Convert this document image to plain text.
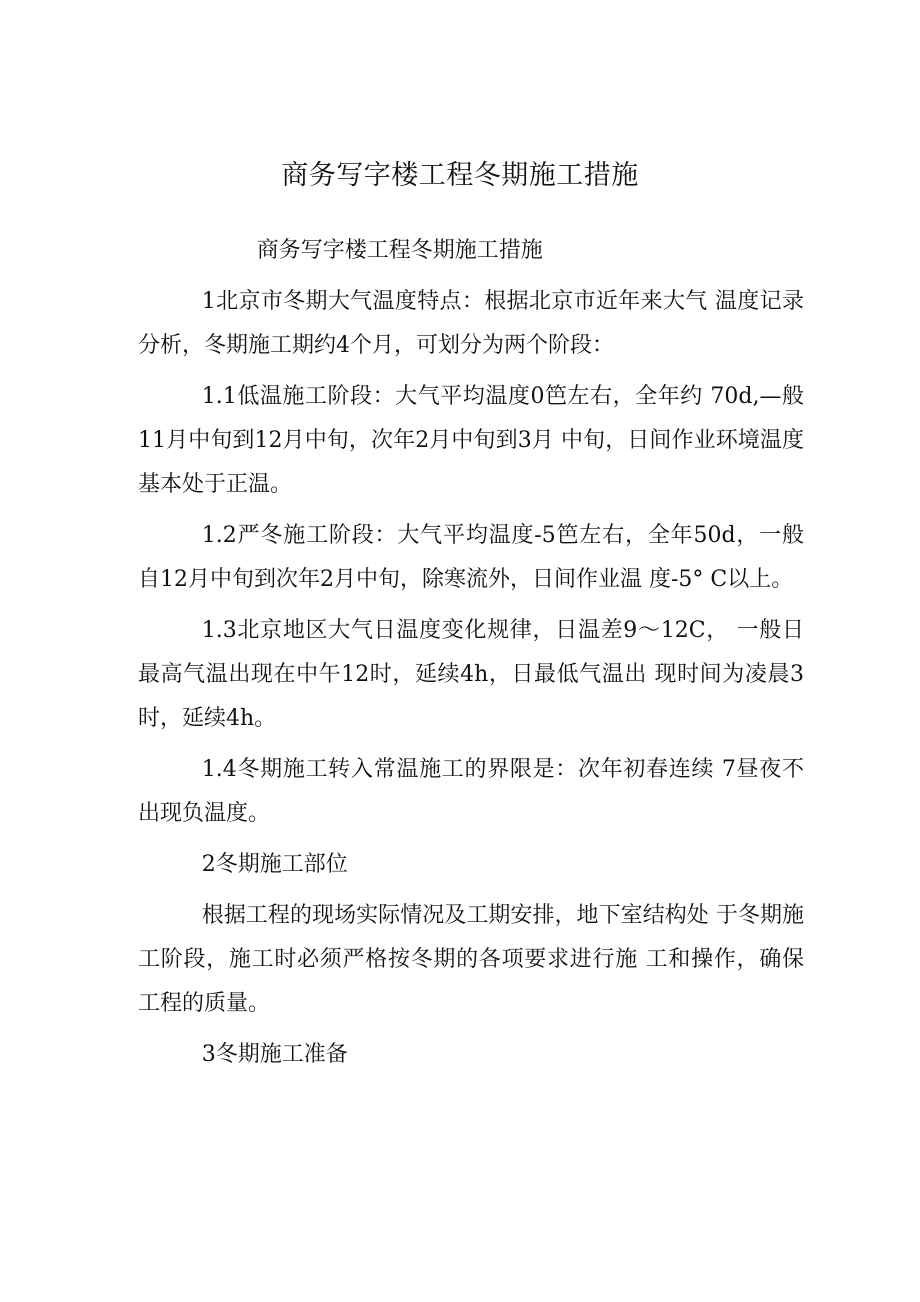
商务写字楼工程冬期施工措施

商务写字楼工程冬期施工措施

1北京市冬期大气温度特点：根据北京市近年来大气 温度记录分析，冬期施工期约4个月，可划分为两个阶段：

1.1低温施工阶段：大气平均温度0笆左右，全年约 70d,—般11月中旬到12月中旬，次年2月中旬到3月 中旬，日间作业环境温度基本处于正温。

1.2严冬施工阶段：大气平均温度-5笆左右，全年50d，一般自12月中旬到次年2月中旬，除寒流外，日间作业温 度-5° C以上。

1.3北京地区大气日温度变化规律，日温差9〜12C， 一般日最高气温出现在中午12时，延续4h，日最低气温出 现时间为凌晨3时，延续4h。

1.4冬期施工转入常温施工的界限是：次年初春连续 7昼夜不出现负温度。

2冬期施工部位

根据工程的现场实际情况及工期安排，地下室结构处 于冬期施工阶段，施工时必须严格按冬期的各项要求进行施 工和操作，确保工程的质量。

3冬期施工准备
